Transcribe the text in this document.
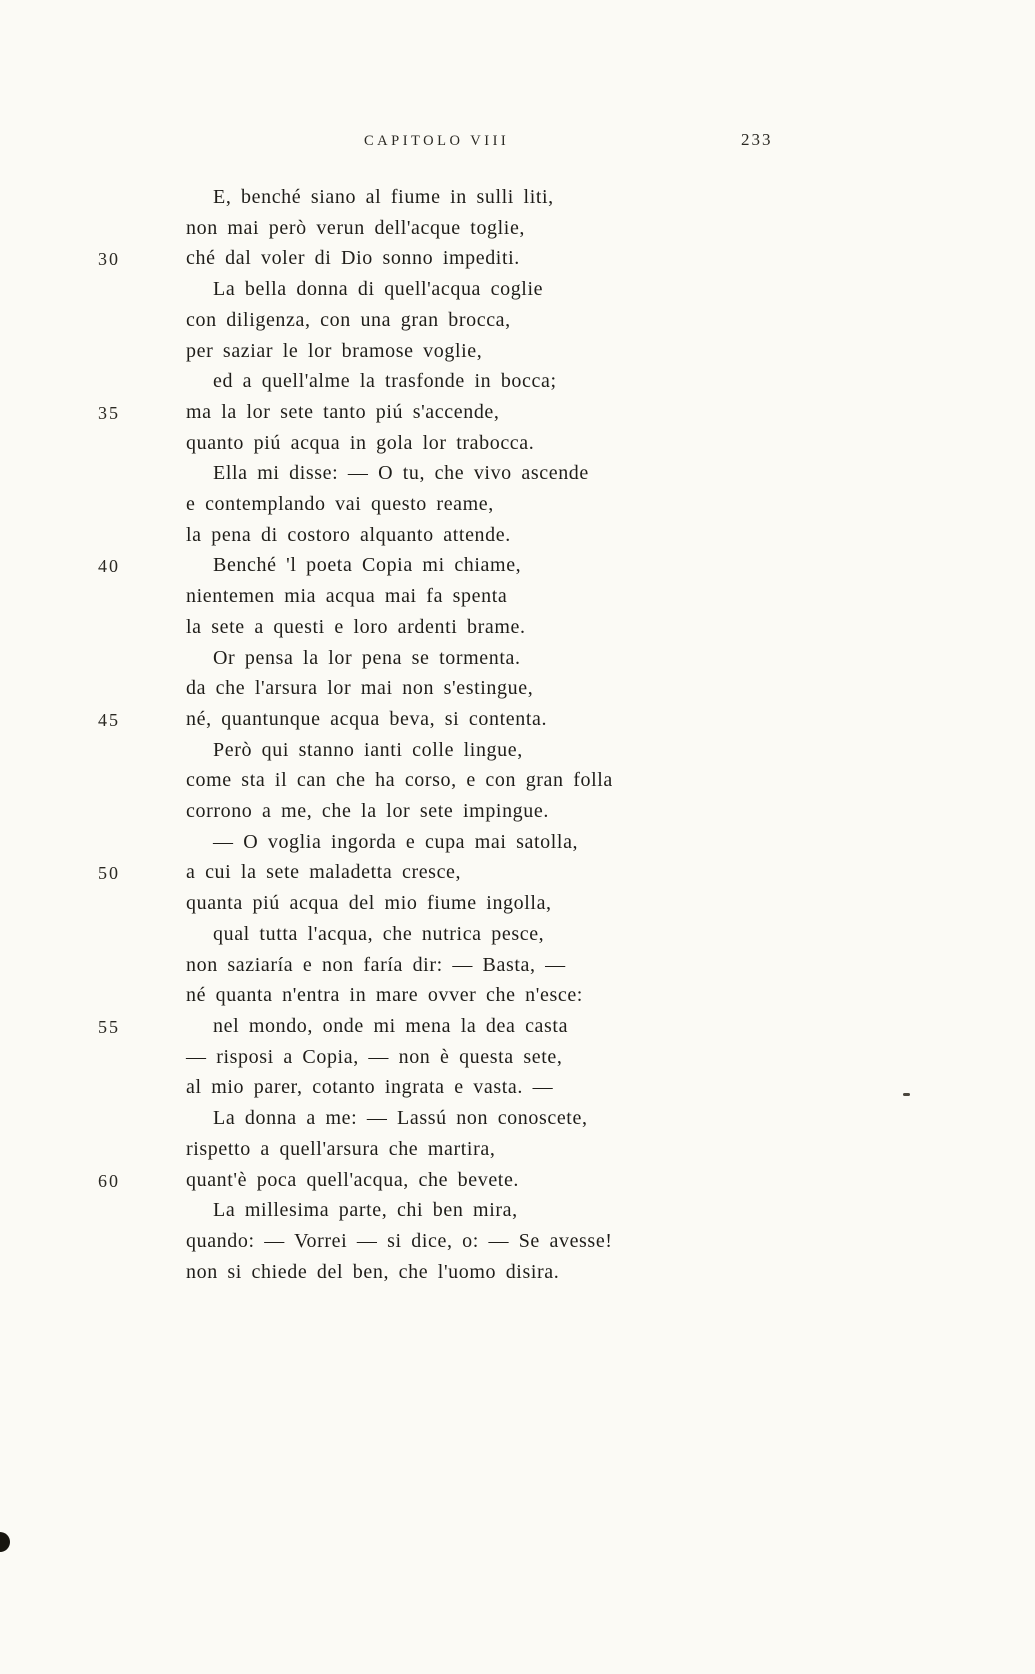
CAPITOLO VIII	233
E, benché siano al fiume in sulli liti,
non mai però verun dell'acque toglie,
30	ché dal voler di Dio sonno impediti.
La bella donna di quell'acqua coglie
con diligenza, con una gran brocca,
per saziar le lor bramose voglie,
ed a quell'alme la trasfonde in bocca;
35	ma la lor sete tanto piú s'accende,
quanto piú acqua in gola lor trabocca.
Ella mi disse: — O tu, che vivo ascende
e contemplando vai questo reame,
la pena di costoro alquanto attende.
40	Benché 'l poeta Copia mi chiame,
nientemen mia acqua mai fa spenta
la sete a questi e loro ardenti brame.
Or pensa la lor pena se tormenta.
da che l'arsura lor mai non s'estingue,
45	né, quantunque acqua beva, si contenta.
Però qui stanno ianti colle lingue,
come sta il can che ha corso, e con gran folla
corrono a me, che la lor sete impingue.
— O voglia ingorda e cupa mai satolla,
50	a cui la sete maladetta cresce,
quanta piú acqua del mio fiume ingolla,
qual tutta l'acqua, che nutrica pesce,
non saziaría e non faría dir: — Basta, —
né quanta n'entra in mare ovver che n'esce:
55	nel mondo, onde mi mena la dea casta
— risposi a Copia, — non è questa sete,
al mio parer, cotanto ingrata e vasta. —
La donna a me: — Lassú non conoscete,
rispetto a quell'arsura che martira,
60	quant'è poca quell'acqua, che bevete.
La millesima parte, chi ben mira,
quando: — Vorrei — si dice, o: — Se avesse!
non si chiede del ben, che l'uomo disira.
